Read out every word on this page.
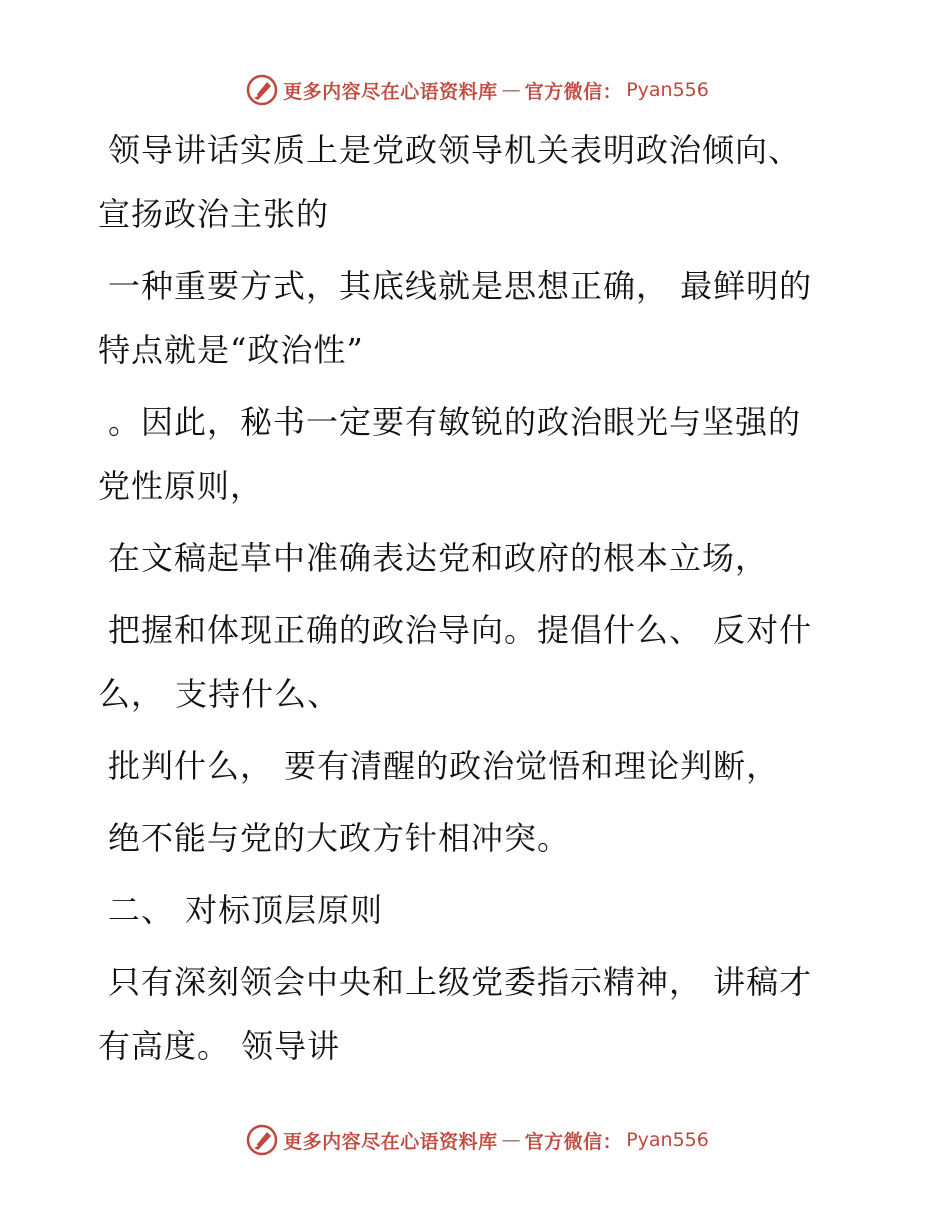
更多内容尽在心语资料库 — 官方微信： Pyan556

领导讲话实质上是党政领导机关表明政治倾向、
宣扬政治主张的

一种重要方式，其底线就是思想正确， 最鲜明的
特点就是“政治性”

。因此，秘书一定要有敏锐的政治眼光与坚强的
党性原则，

在文稿起草中准确表达党和政府的根本立场，

把握和体现正确的政治导向。提倡什么、 反对什
么， 支持什么、

批判什么， 要有清醒的政治觉悟和理论判断，

绝不能与党的大政方针相冲突。

二、 对标顶层原则

只有深刻领会中央和上级党委指示精神， 讲稿才
有高度。 领导讲

更多内容尽在心语资料库 — 官方微信： Pyan556
